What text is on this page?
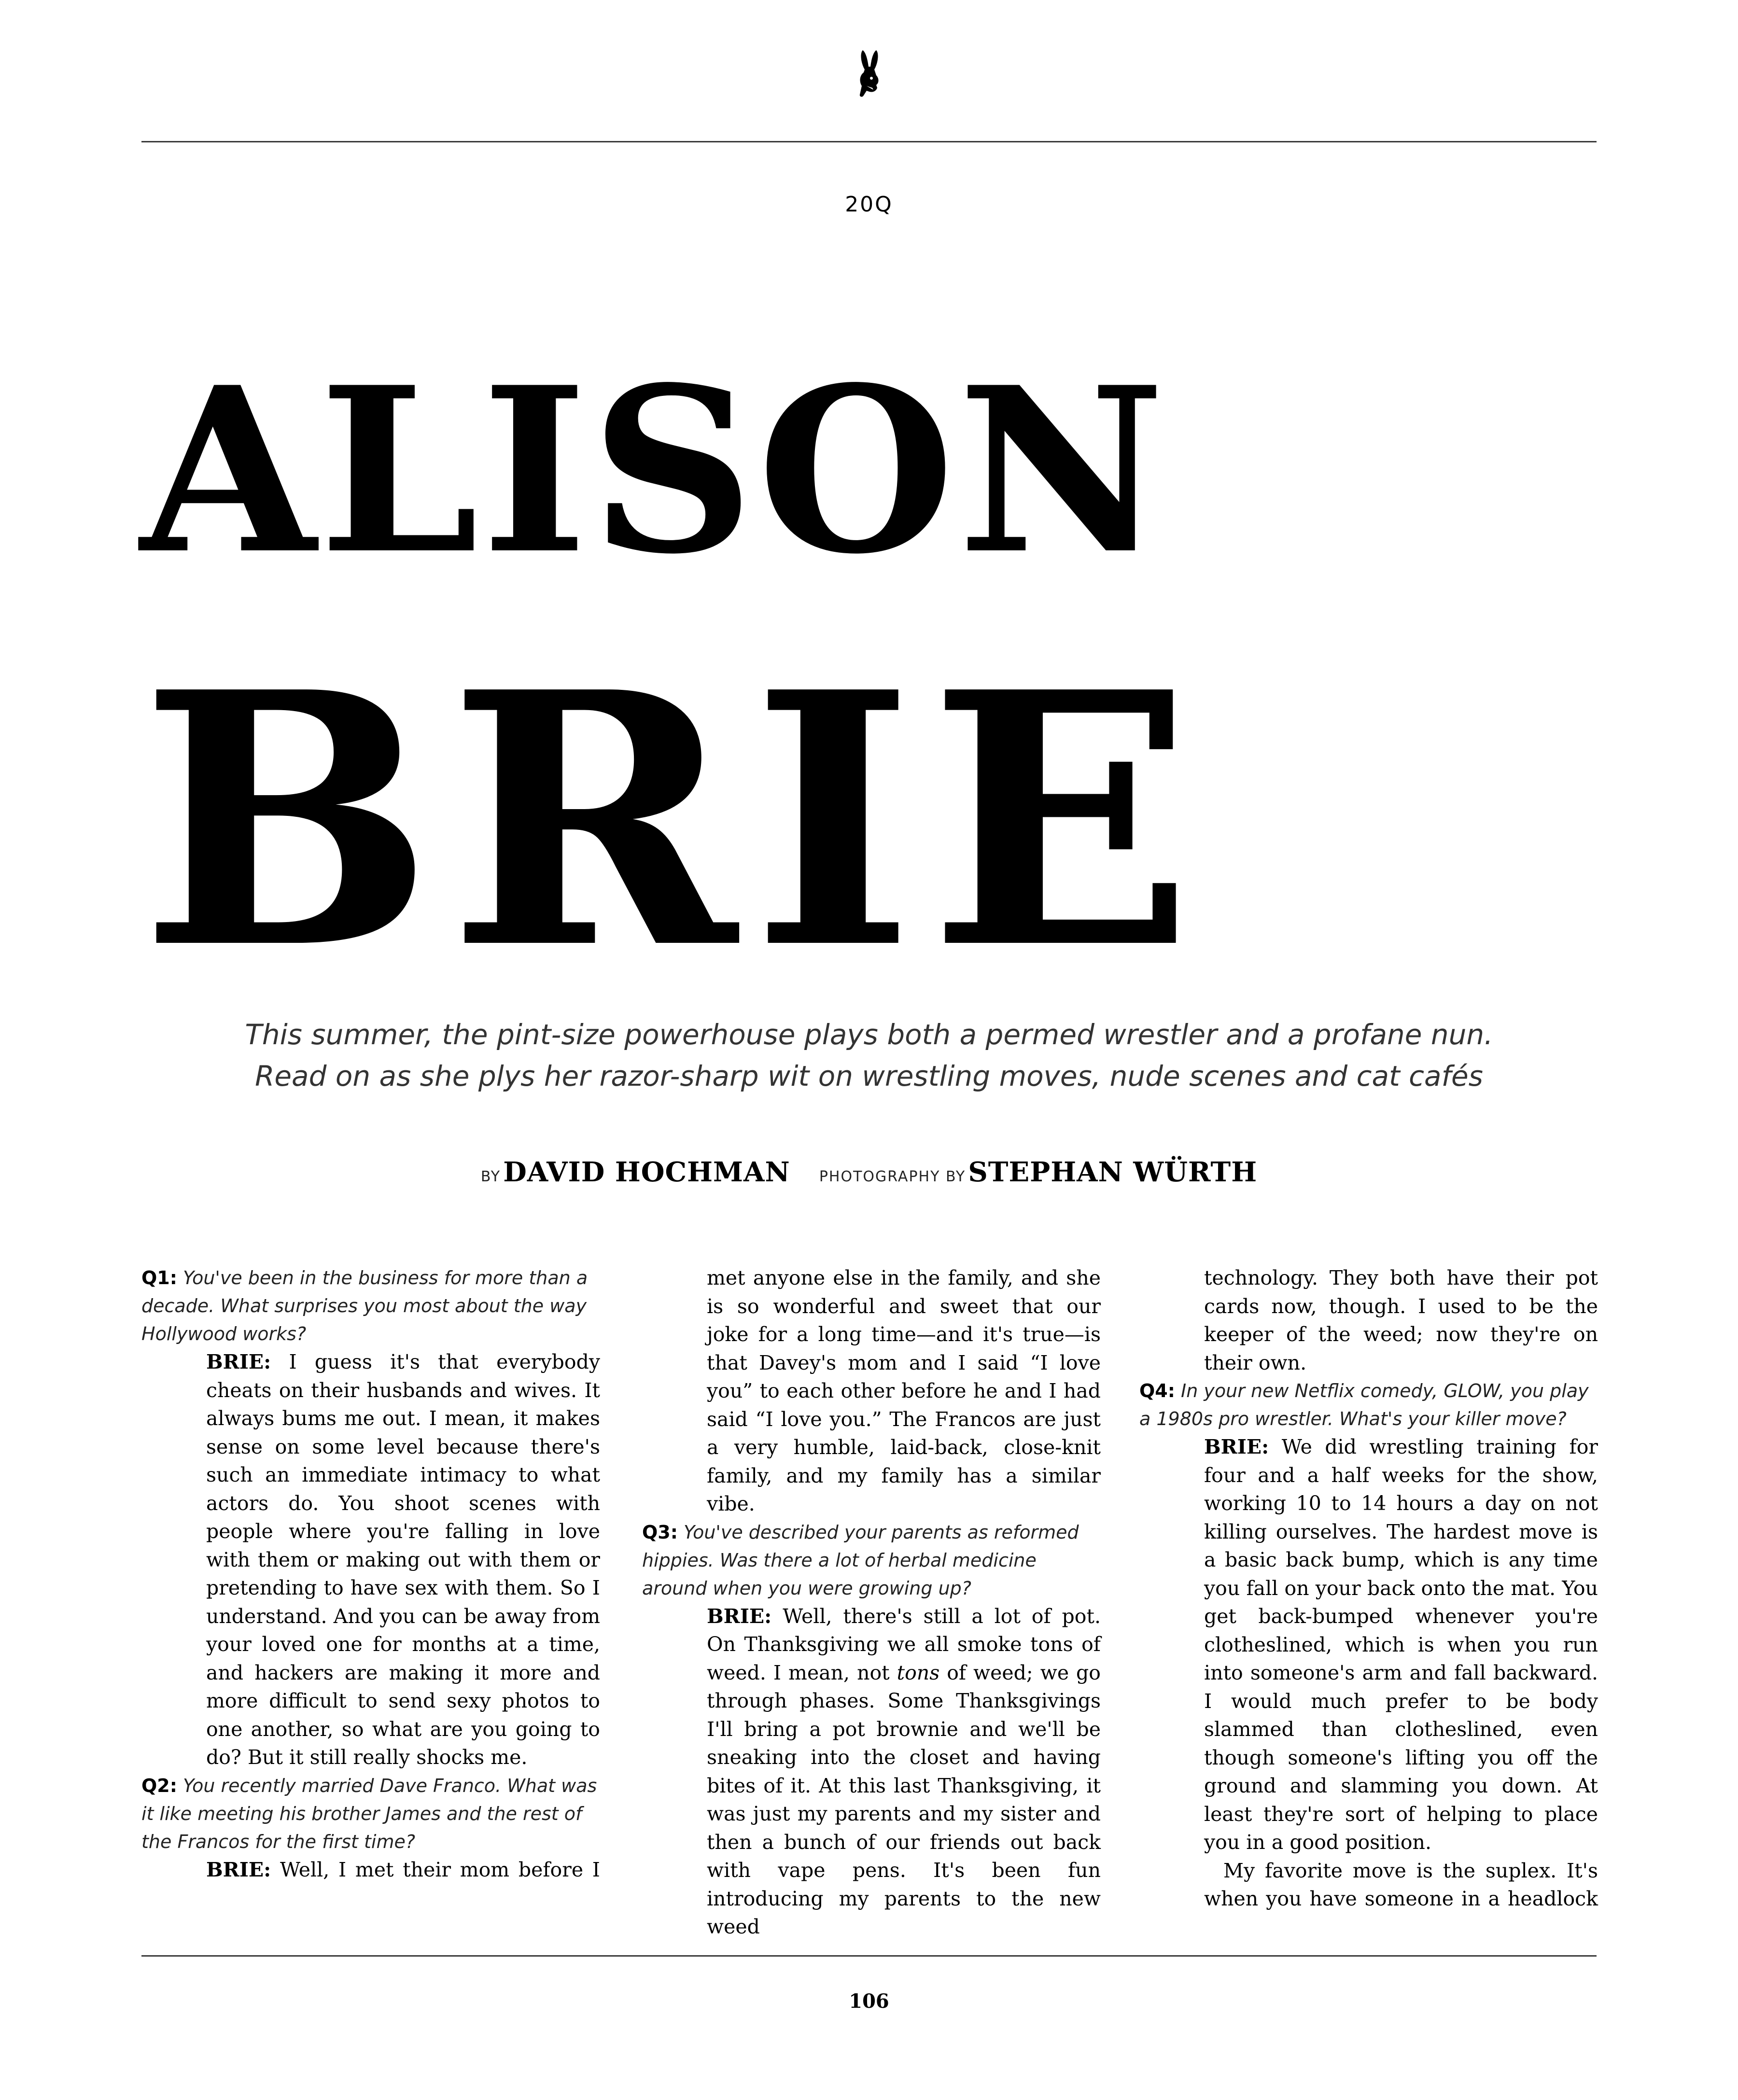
20Q
ALISON
BRIE
This summer, the pint-size powerhouse plays both a permed wrestler and a profane nun.
Read on as she plys her razor-sharp wit on wrestling moves, nude scenes and cat cafés
BY DAVID HOCHMAN PHOTOGRAPHY BY STEPHAN WÜRTH

Q1: You've been in the business for more than a decade. What surprises you most about the way Hollywood works?

BRIE: I guess it's that everybody cheats on their husbands and wives. It always bums me out. I mean, it makes sense on some level because there's such an immediate intimacy to what actors do. You shoot scenes with people where you're falling in love with them or making out with them or pretending to have sex with them. So I understand. And you can be away from your loved one for months at a time, and hackers are making it more and more difficult to send sexy photos to one another, so what are you going to do? But it still really shocks me.

Q2: You recently married Dave Franco. What was it like meeting his brother James and the rest of the Francos for the first time?

BRIE: Well, I met their mom before I

met anyone else in the family, and she is so wonderful and sweet that our joke for a long time—and it's true—is that Davey's mom and I said “I love you” to each other before he and I had said “I love you.” The Francos are just a very humble, laid-back, close-knit family, and my family has a similar vibe.

Q3: You've described your parents as reformed hippies. Was there a lot of herbal medicine around when you were growing up?

BRIE: Well, there's still a lot of pot. On Thanksgiving we all smoke tons of weed. I mean, not tons of weed; we go through phases. Some Thanksgivings I'll bring a pot brownie and we'll be sneaking into the closet and having bites of it. At this last Thanksgiving, it was just my parents and my sister and then a bunch of our friends out back with vape pens. It's been fun introducing my parents to the new weed

technology. They both have their pot cards now, though. I used to be the keeper of the weed; now they're on their own.

Q4: In your new Netflix comedy, GLOW, you play a 1980s pro wrestler. What's your killer move?

BRIE: We did wrestling training for four and a half weeks for the show, working 10 to 14 hours a day on not killing ourselves. The hardest move is a basic back bump, which is any time you fall on your back onto the mat. You get back-bumped whenever you're clotheslined, which is when you run into someone's arm and fall backward. I would much prefer to be body slammed than clotheslined, even though someone's lifting you off the ground and slamming you down. At least they're sort of helping to place you in a good position.

My favorite move is the suplex. It's when you have someone in a headlock

106
